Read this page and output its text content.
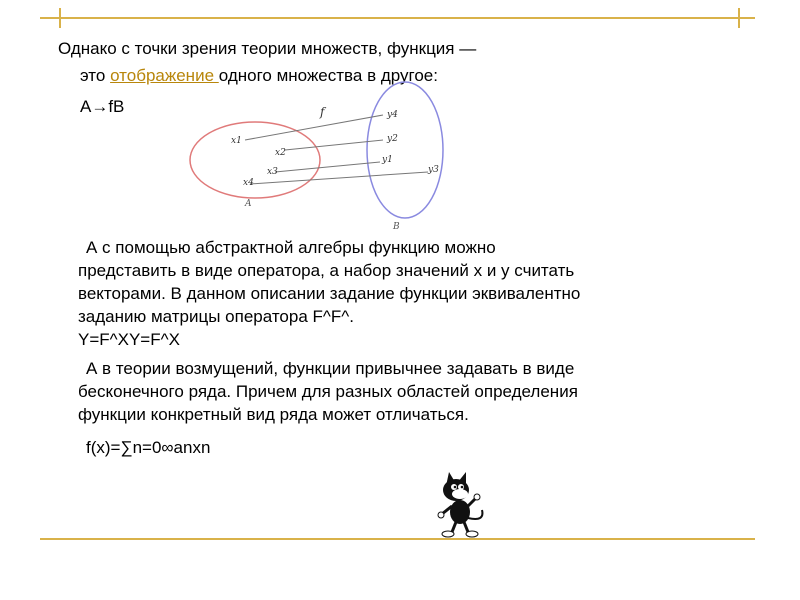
Однако с точки зрения теории множеств, функция —
это отображение одного множества в другое:
A→fB	f
A
B
x1
x2
x3
x4
y4
y2
y1
y3
А с помощью абстрактной алгебры функцию можно
представить в виде оператора, а набор значений x и y считать
векторами. В данном описании задание функции эквивалентно
заданию матрицы оператора F^F^.
Y=F^XY=F^X
А в теории возмущений, функции привычнее задавать в виде
бесконечного ряда. Причем для разных областей определения
функции конкретный вид ряда может отличаться.
f(x)=∑n=0∞anxn
